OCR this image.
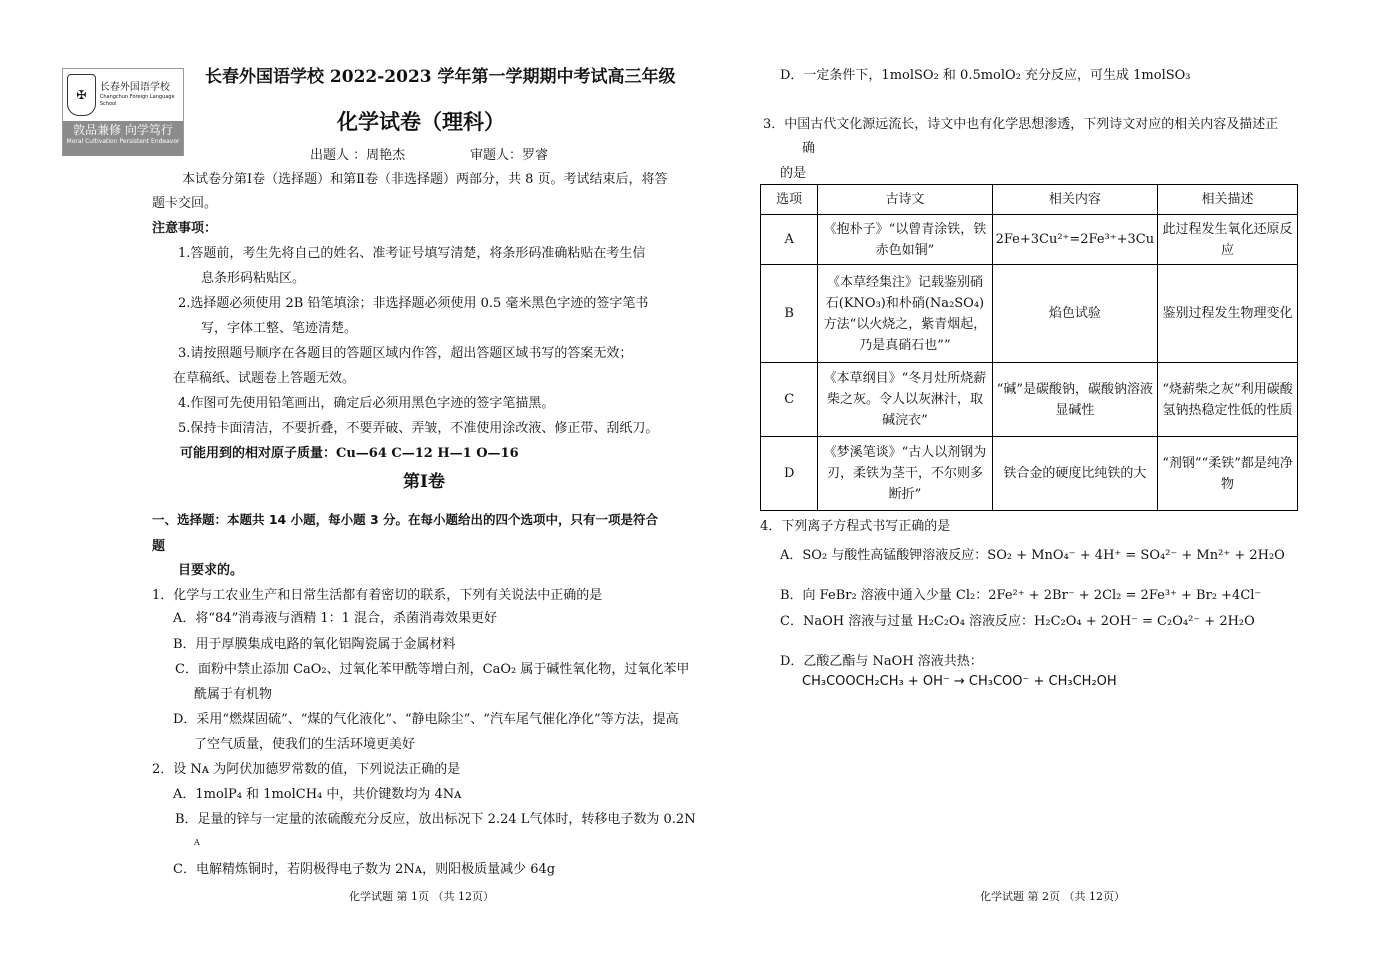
✠
长春外国语学校
Changchun Foreign Language School
敦品兼修 向学笃行
Moral Cultivation Persistent Endeavor
长春外国语学校 2022-2023 学年第一学期期中考试高三年级
化学试卷（理科）
出题人 ：周艳杰	审题人：罗睿
本试卷分第Ⅰ卷（选择题）和第Ⅱ卷（非选择题）两部分，共 8 页。考试结束后，将答
题卡交回。
注意事项：
1.答题前，考生先将自己的姓名、准考证号填写清楚，将条形码准确粘贴在考生信
息条形码粘贴区。
2.选择题必须使用 2B 铅笔填涂；非选择题必须使用 0.5 毫米黑色字迹的签字笔书
写，字体工整、笔迹清楚。
3.请按照题号顺序在各题目的答题区域内作答，超出答题区域书写的答案无效；
在草稿纸、试题卷上答题无效。
4.作图可先使用铅笔画出，确定后必须用黑色字迹的签字笔描黑。
5.保持卡面清洁，不要折叠，不要弄破、弄皱，不准使用涂改液、修正带、刮纸刀。
可能用到的相对原子质量：Cu—64 C—12 H—1 O—16
第Ⅰ卷
一、选择题：本题共 14 小题，每小题 3 分。在每小题给出的四个选项中，只有一项是符合
题
目要求的。
1．化学与工农业生产和日常生活都有着密切的联系，下列有关说法中正确的是
A．将“84”消毒液与酒精 1：1 混合，杀菌消毒效果更好
B．用于厚膜集成电路的氧化铝陶瓷属于金属材料
C．面粉中禁止添加 CaO₂、过氧化苯甲酰等增白剂，CaO₂ 属于碱性氧化物，过氧化苯甲
酰属于有机物
D．采用“燃煤固硫”、“煤的气化液化”、“静电除尘”、“汽车尾气催化净化”等方法，提高
了空气质量，使我们的生活环境更美好
2．设 Nᴀ 为阿伏加德罗常数的值，下列说法正确的是
A．1molP₄ 和 1molCH₄ 中，共价键数均为 4Nᴀ
B．足量的锌与一定量的浓硫酸充分反应，放出标况下 2.24 L气体时，转移电子数为 0.2N
A
C．电解精炼铜时，若阴极得电子数为 2Nᴀ，则阳极质量减少 64g
化学试题 第 1页 （共 12页）
D．一定条件下，1molSO₂ 和 0.5molO₂ 充分反应，可生成 1molSO₃
3．中国古代文化源远流长，诗文中也有化学思想渗透，下列诗文对应的相关内容及描述正
确
的是
选项	古诗文	相关内容	相关描述
A	《抱朴子》“以曾青涂铁，铁赤色如铜”	2Fe+3Cu²⁺=2Fe³⁺+3Cu	此过程发生氧化还原反应
B	《本草经集注》记载鉴别硝石(KNO₃)和朴硝(Na₂SO₄)方法“以火烧之，紫青烟起，乃是真硝石也””	焰色试验	鉴别过程发生物理变化
C	《本草纲目》“冬月灶所烧薪柴之灰。令人以灰淋汁，取碱浣衣”	“碱”是碳酸钠，碳酸钠溶液显碱性	“烧薪柴之灰”利用碳酸氢钠热稳定性低的性质
D	《梦溪笔谈》“古人以剂钢为刃，柔铁为茎干，不尔则多断折”	铁合金的硬度比纯铁的大	“剂钢”“柔铁”都是纯净物
4．下列离子方程式书写正确的是
A．SO₂ 与酸性高锰酸钾溶液反应：SO₂ + MnO₄⁻ + 4H⁺ = SO₄²⁻ + Mn²⁺ + 2H₂O
B．向 FeBr₂ 溶液中通入少量 Cl₂：2Fe²⁺ + 2Br⁻ + 2Cl₂ = 2Fe³⁺ + Br₂ +4Cl⁻
C．NaOH 溶液与过量 H₂C₂O₄ 溶液反应：H₂C₂O₄ + 2OH⁻ = C₂O₄²⁻ + 2H₂O
D．乙酸乙酯与 NaOH 溶液共热：
CH₃COOCH₂CH₃ + OH⁻ → CH₃COO⁻ + CH₃CH₂OH
化学试题 第 2页 （共 12页）
